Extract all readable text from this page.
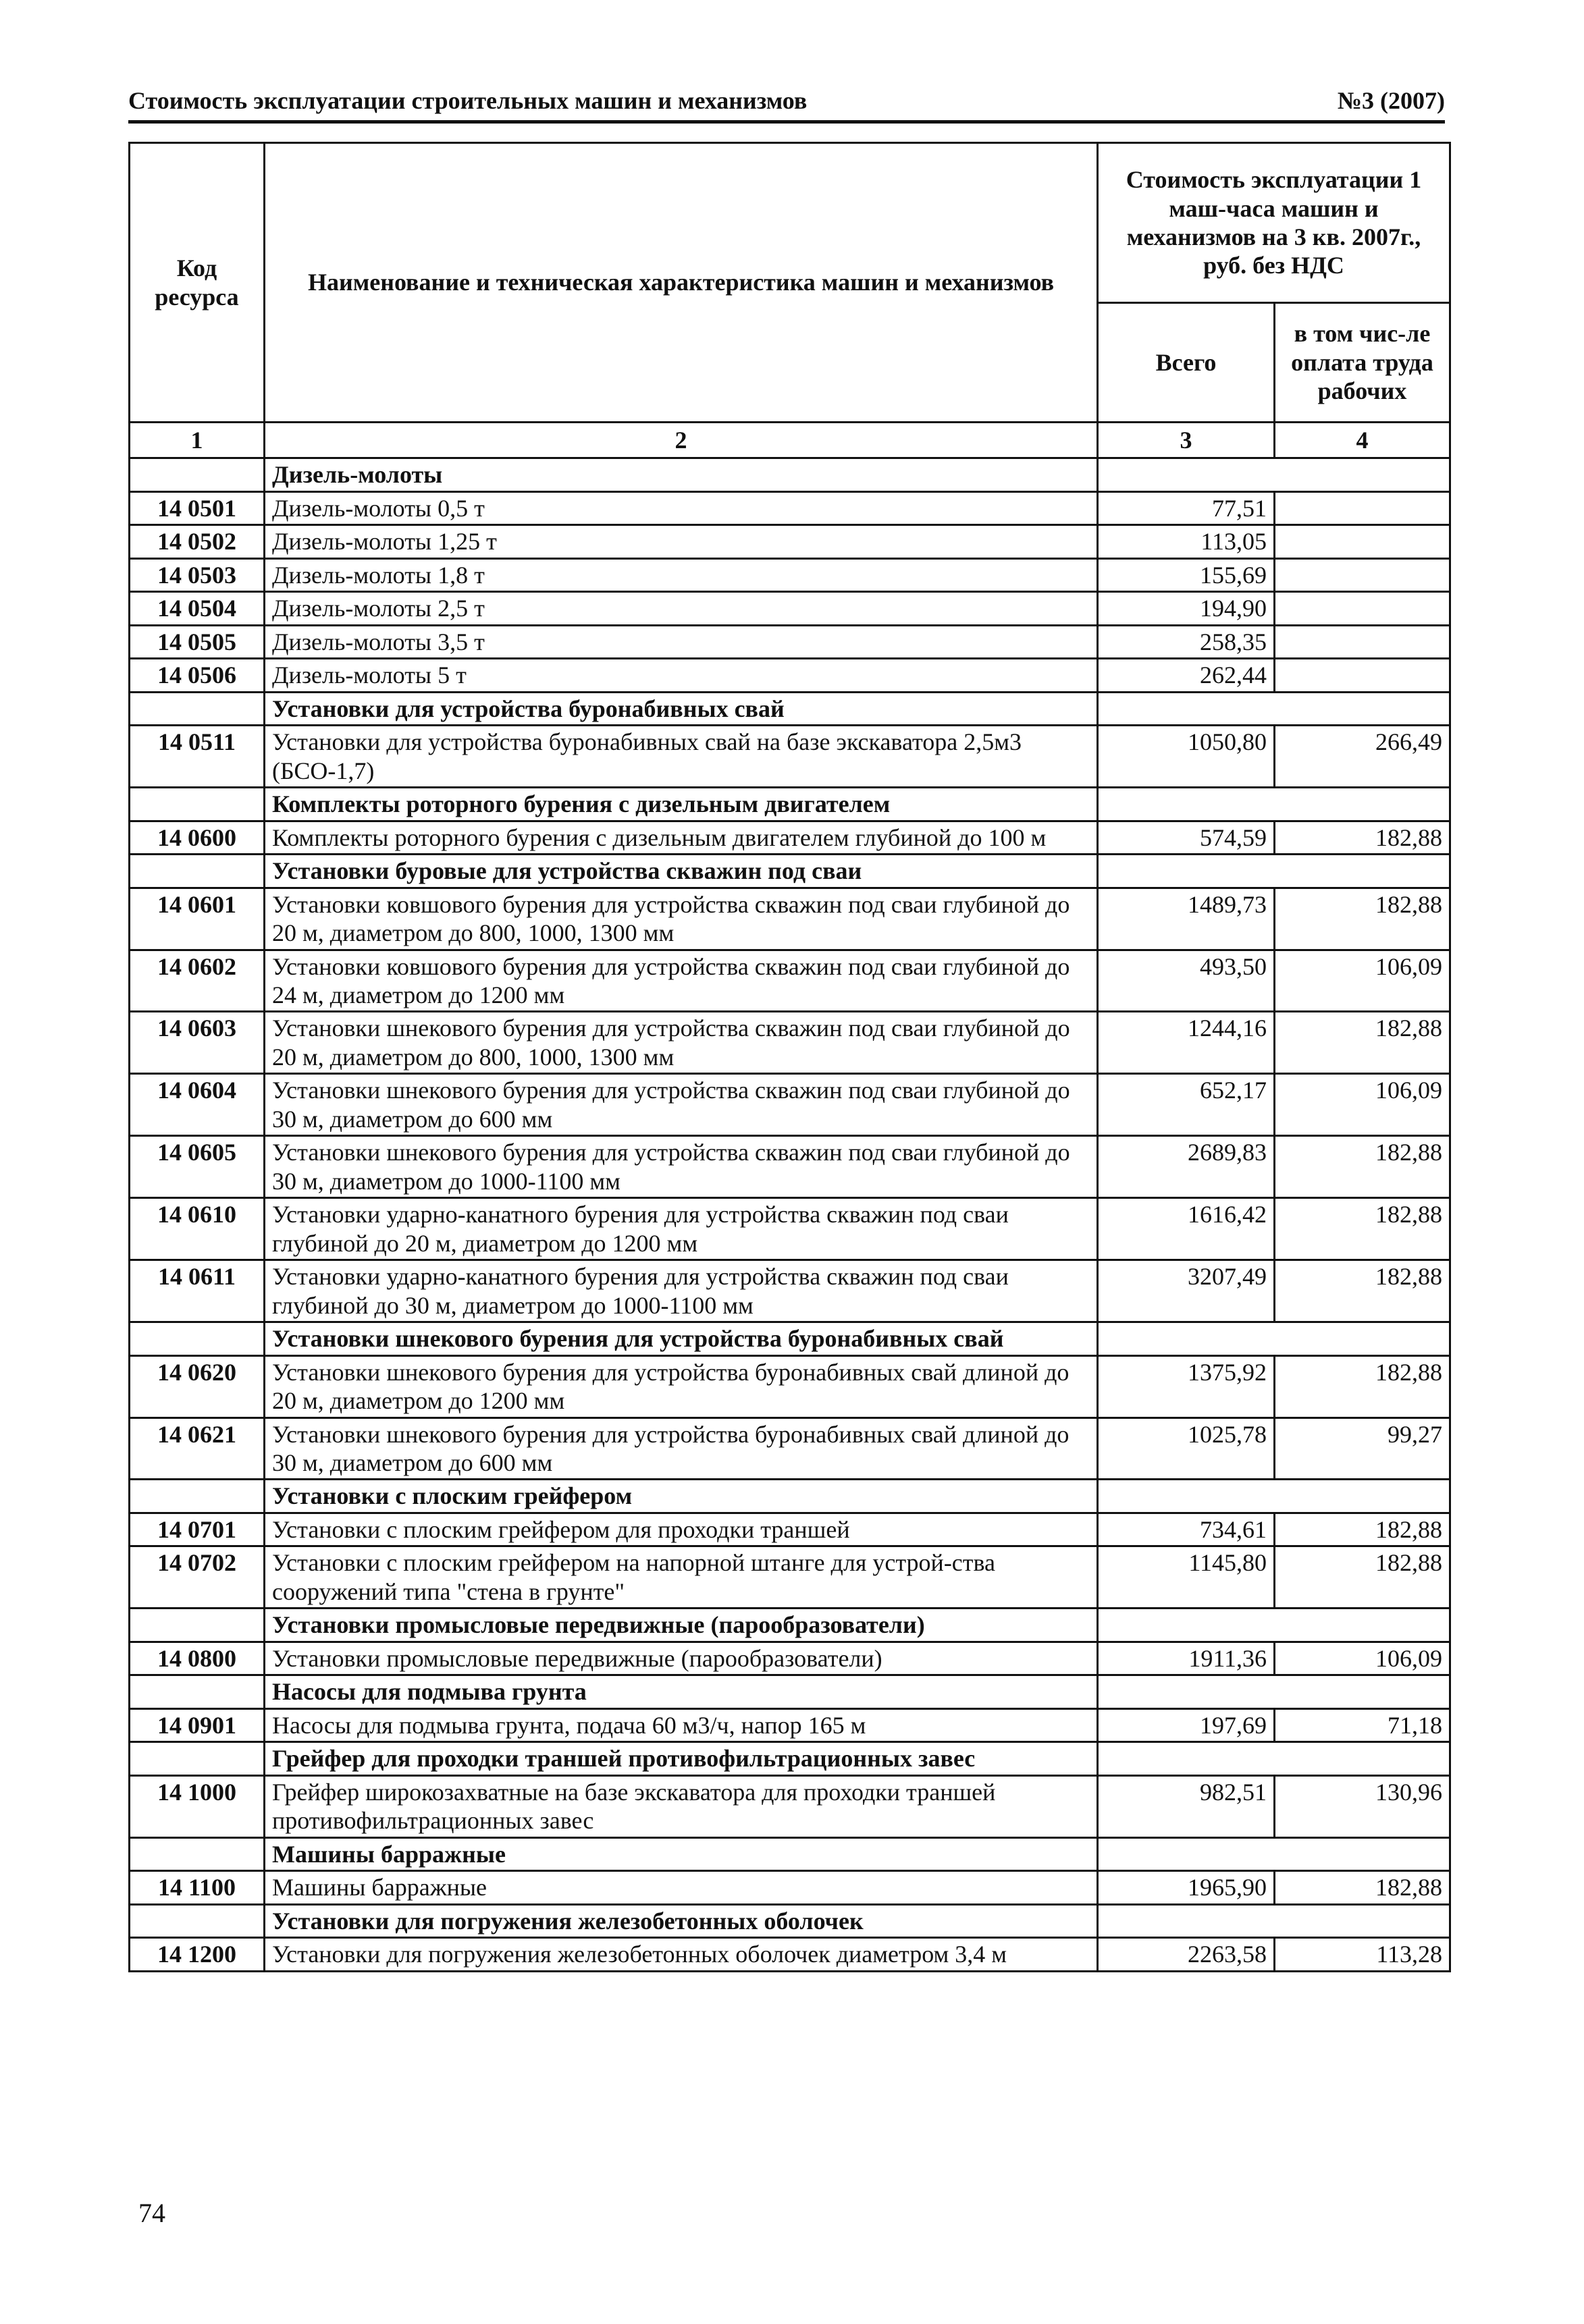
Стоимость эксплуатации строительных машин и механизмов	№3 (2007)
Код ресурса	Наименование и техническая характеристика машин и механизмов	Стоимость эксплуатации 1 маш-часа машин и механизмов на 3 кв. 2007г., руб. без НДС	
		Всего	в том чис-ле оплата труда рабочих
1	2	3	4
	Дизель-молоты		
14 0501	Дизель-молоты 0,5 т	77,51	
14 0502	Дизель-молоты 1,25 т	113,05	
14 0503	Дизель-молоты 1,8 т	155,69	
14 0504	Дизель-молоты 2,5 т	194,90	
14 0505	Дизель-молоты 3,5 т	258,35	
14 0506	Дизель-молоты 5 т	262,44	
	Установки для устройства буронабивных свай		
14 0511	Установки для устройства буронабивных свай на базе экскаватора 2,5м3 (БСО-1,7)	1050,80	266,49
	Комплекты роторного бурения с дизельным двигателем		
14 0600	Комплекты роторного бурения с дизельным двигателем глубиной до 100 м	574,59	182,88
	Установки буровые для устройства скважин под сваи		
14 0601	Установки ковшового бурения для устройства скважин под сваи глубиной до 20 м, диаметром до 800, 1000, 1300 мм	1489,73	182,88
14 0602	Установки ковшового бурения для устройства скважин под сваи глубиной до 24 м, диаметром до 1200 мм	493,50	106,09
14 0603	Установки шнекового бурения для устройства скважин под сваи глубиной до 20 м, диаметром до 800, 1000, 1300 мм	1244,16	182,88
14 0604	Установки шнекового бурения для устройства скважин под сваи глубиной до 30 м, диаметром до 600 мм	652,17	106,09
14 0605	Установки шнекового бурения для устройства скважин под сваи глубиной до 30 м, диаметром до 1000-1100 мм	2689,83	182,88
14 0610	Установки ударно-канатного бурения для устройства скважин под сваи глубиной до 20 м, диаметром до 1200 мм	1616,42	182,88
14 0611	Установки ударно-канатного бурения для устройства скважин под сваи глубиной до 30 м, диаметром до 1000-1100 мм	3207,49	182,88
	Установки шнекового бурения для устройства буронабивных свай		
14 0620	Установки шнекового бурения для устройства буронабивных свай длиной до 20 м, диаметром до 1200 мм	1375,92	182,88
14 0621	Установки шнекового бурения для устройства буронабивных свай длиной до 30 м, диаметром до 600 мм	1025,78	99,27
	Установки с плоским грейфером		
14 0701	Установки с плоским грейфером для проходки траншей	734,61	182,88
14 0702	Установки с плоским грейфером на напорной штанге для устрой-ства сооружений типа "стена в грунте"	1145,80	182,88
	Установки промысловые передвижные (парообразователи)		
14 0800	Установки промысловые передвижные (парообразователи)	1911,36	106,09
	Насосы для подмыва грунта		
14 0901	Насосы для подмыва грунта, подача 60 м3/ч, напор 165 м	197,69	71,18
	Грейфер для проходки траншей противофильтрационных завес		
14 1000	Грейфер широкозахватные на базе экскаватора для проходки траншей противофильтрационных завес	982,51	130,96
	Машины барражные		
14 1100	Машины барражные	1965,90	182,88
	Установки для погружения железобетонных оболочек		
14 1200	Установки для погружения железобетонных оболочек диаметром 3,4 м	2263,58	113,28
74
